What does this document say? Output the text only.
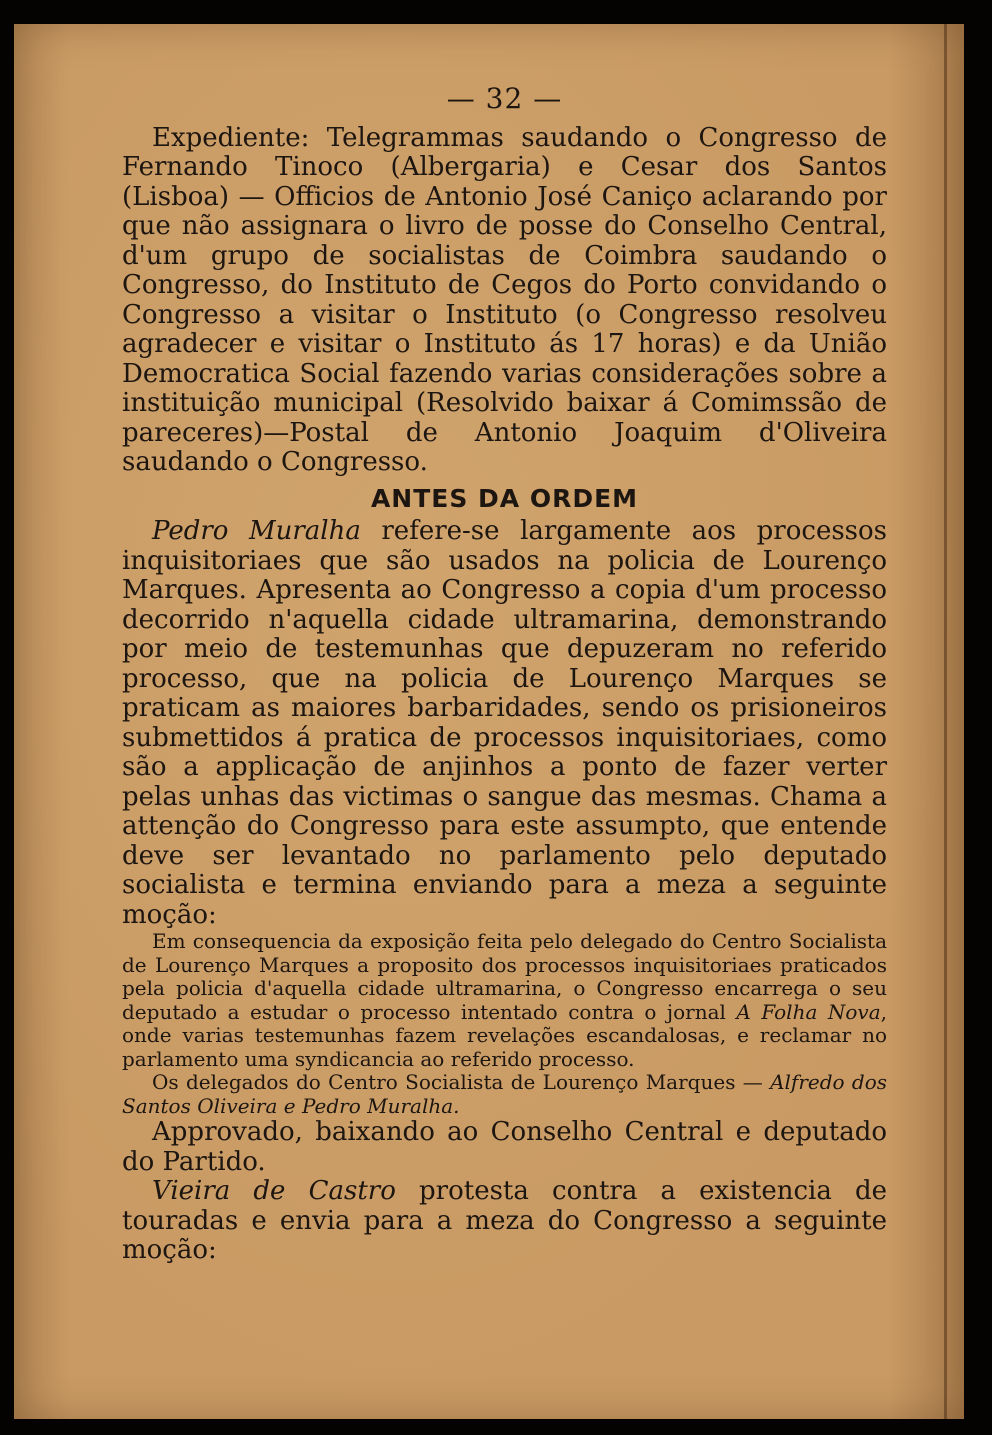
— 32 —

Expediente: Telegrammas saudando o Congresso de Fernando Tinoco (Albergaria) e Cesar dos Santos (Lisboa) — Officios de Antonio José Caniço aclarando por que não assignara o livro de posse do Conselho Central, d'um grupo de socialistas de Coimbra saudando o Congresso, do Instituto de Cegos do Porto convidando o Congresso a visitar o Instituto (o Congresso resolveu agradecer e visitar o Instituto ás 17 horas) e da União Democratica Social fazendo varias considerações sobre a instituição municipal (Resolvido baixar á Comimssão de pareceres)—Postal de Antonio Joaquim d'Oliveira saudando o Congresso.

ANTES DA ORDEM

Pedro Muralha refere-se largamente aos processos inquisitoriaes que são usados na policia de Lourenço Marques. Apresenta ao Congresso a copia d'um processo decorrido n'aquella cidade ultramarina, demonstrando por meio de testemunhas que depuzeram no referido processo, que na policia de Lourenço Marques se praticam as maiores barbaridades, sendo os prisioneiros submettidos á pratica de processos inquisitoriaes, como são a applicação de anjinhos a ponto de fazer verter pelas unhas das victimas o sangue das mesmas. Chama a attenção do Congresso para este assumpto, que entende deve ser levantado no parlamento pelo deputado socialista e termina enviando para a meza a seguinte moção:

Em consequencia da exposição feita pelo delegado do Centro Socialista de Lourenço Marques a proposito dos processos inquisitoriaes praticados pela policia d'aquella cidade ultramarina, o Congresso encarrega o seu deputado a estudar o processo intentado contra o jornal A Folha Nova, onde varias testemunhas fazem revelações escandalosas, e reclamar no parlamento uma syndicancia ao referido processo.

Os delegados do Centro Socialista de Lourenço Marques — Alfredo dos Santos Oliveira e Pedro Muralha.

Approvado, baixando ao Conselho Central e deputado do Partido.

Vieira de Castro protesta contra a existencia de touradas e envia para a meza do Congresso a seguinte moção:
